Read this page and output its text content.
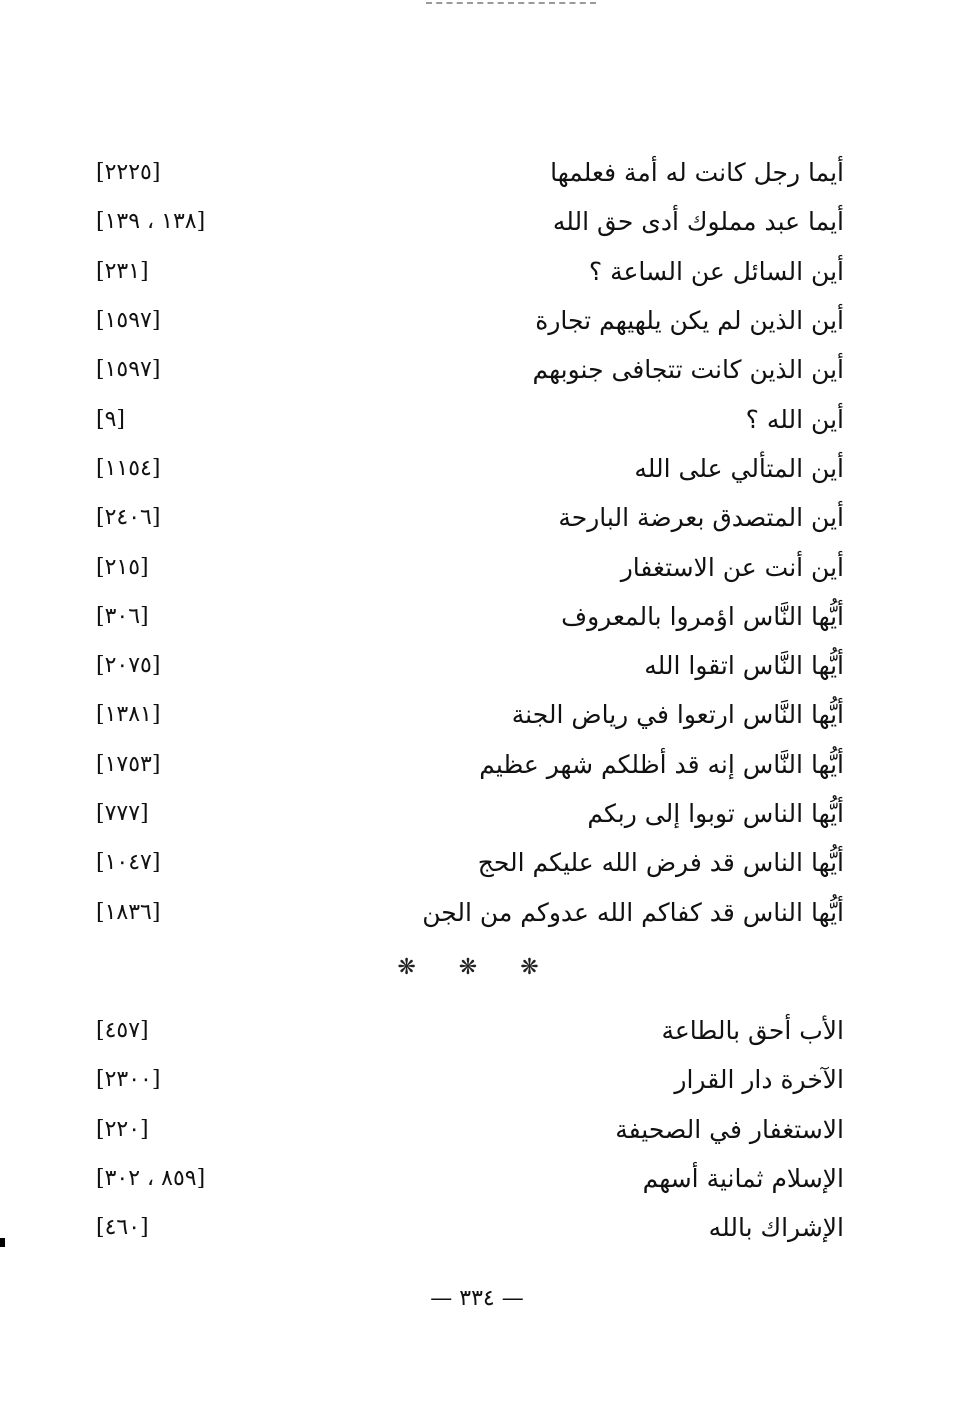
[٢٢٢٥]	أيما رجل كانت له أمة فعلمها
[١٣٨ ، ١٣٩]	أيما عبد مملوك أدى حق الله
[٢٣١]	أين السائل عن الساعة ؟
[١٥٩٧]	أين الذين لم يكن يلهيهم تجارة
[١٥٩٧]	أين الذين كانت تتجافى جنوبهم
[٩]	أين الله ؟
[١١٥٤]	أين المتألي على الله
[٢٤٠٦]	أين المتصدق بعرضة البارحة
[٢١٥]	أين أنت عن الاستغفار
[٣٠٦]	أيُّها النَّاس اؤمروا بالمعروف
[٢٠٧٥]	أيُّها النَّاس اتقوا الله
[١٣٨١]	أيُّها النَّاس ارتعوا في رياض الجنة
[١٧٥٣]	أيُّها النَّاس إنه قد أظلكم شهر عظيم
[٧٧٧]	أيُّها الناس توبوا إلى ربكم
[١٠٤٧]	أيُّها الناس قد فرض الله عليكم الحج
[١٨٣٦]	أيُّها الناس قد كفاكم الله عدوكم من الجن
❋ ❋ ❋
[٤٥٧]	الأب أحق بالطاعة
[٢٣٠٠]	الآخرة دار القرار
[٢٢٠]	الاستغفار في الصحيفة
[٨٥٩ ، ٣٠٢]	الإسلام ثمانية أسهم
[٤٦٠]	الإشراك بالله
— ٣٣٤ —
